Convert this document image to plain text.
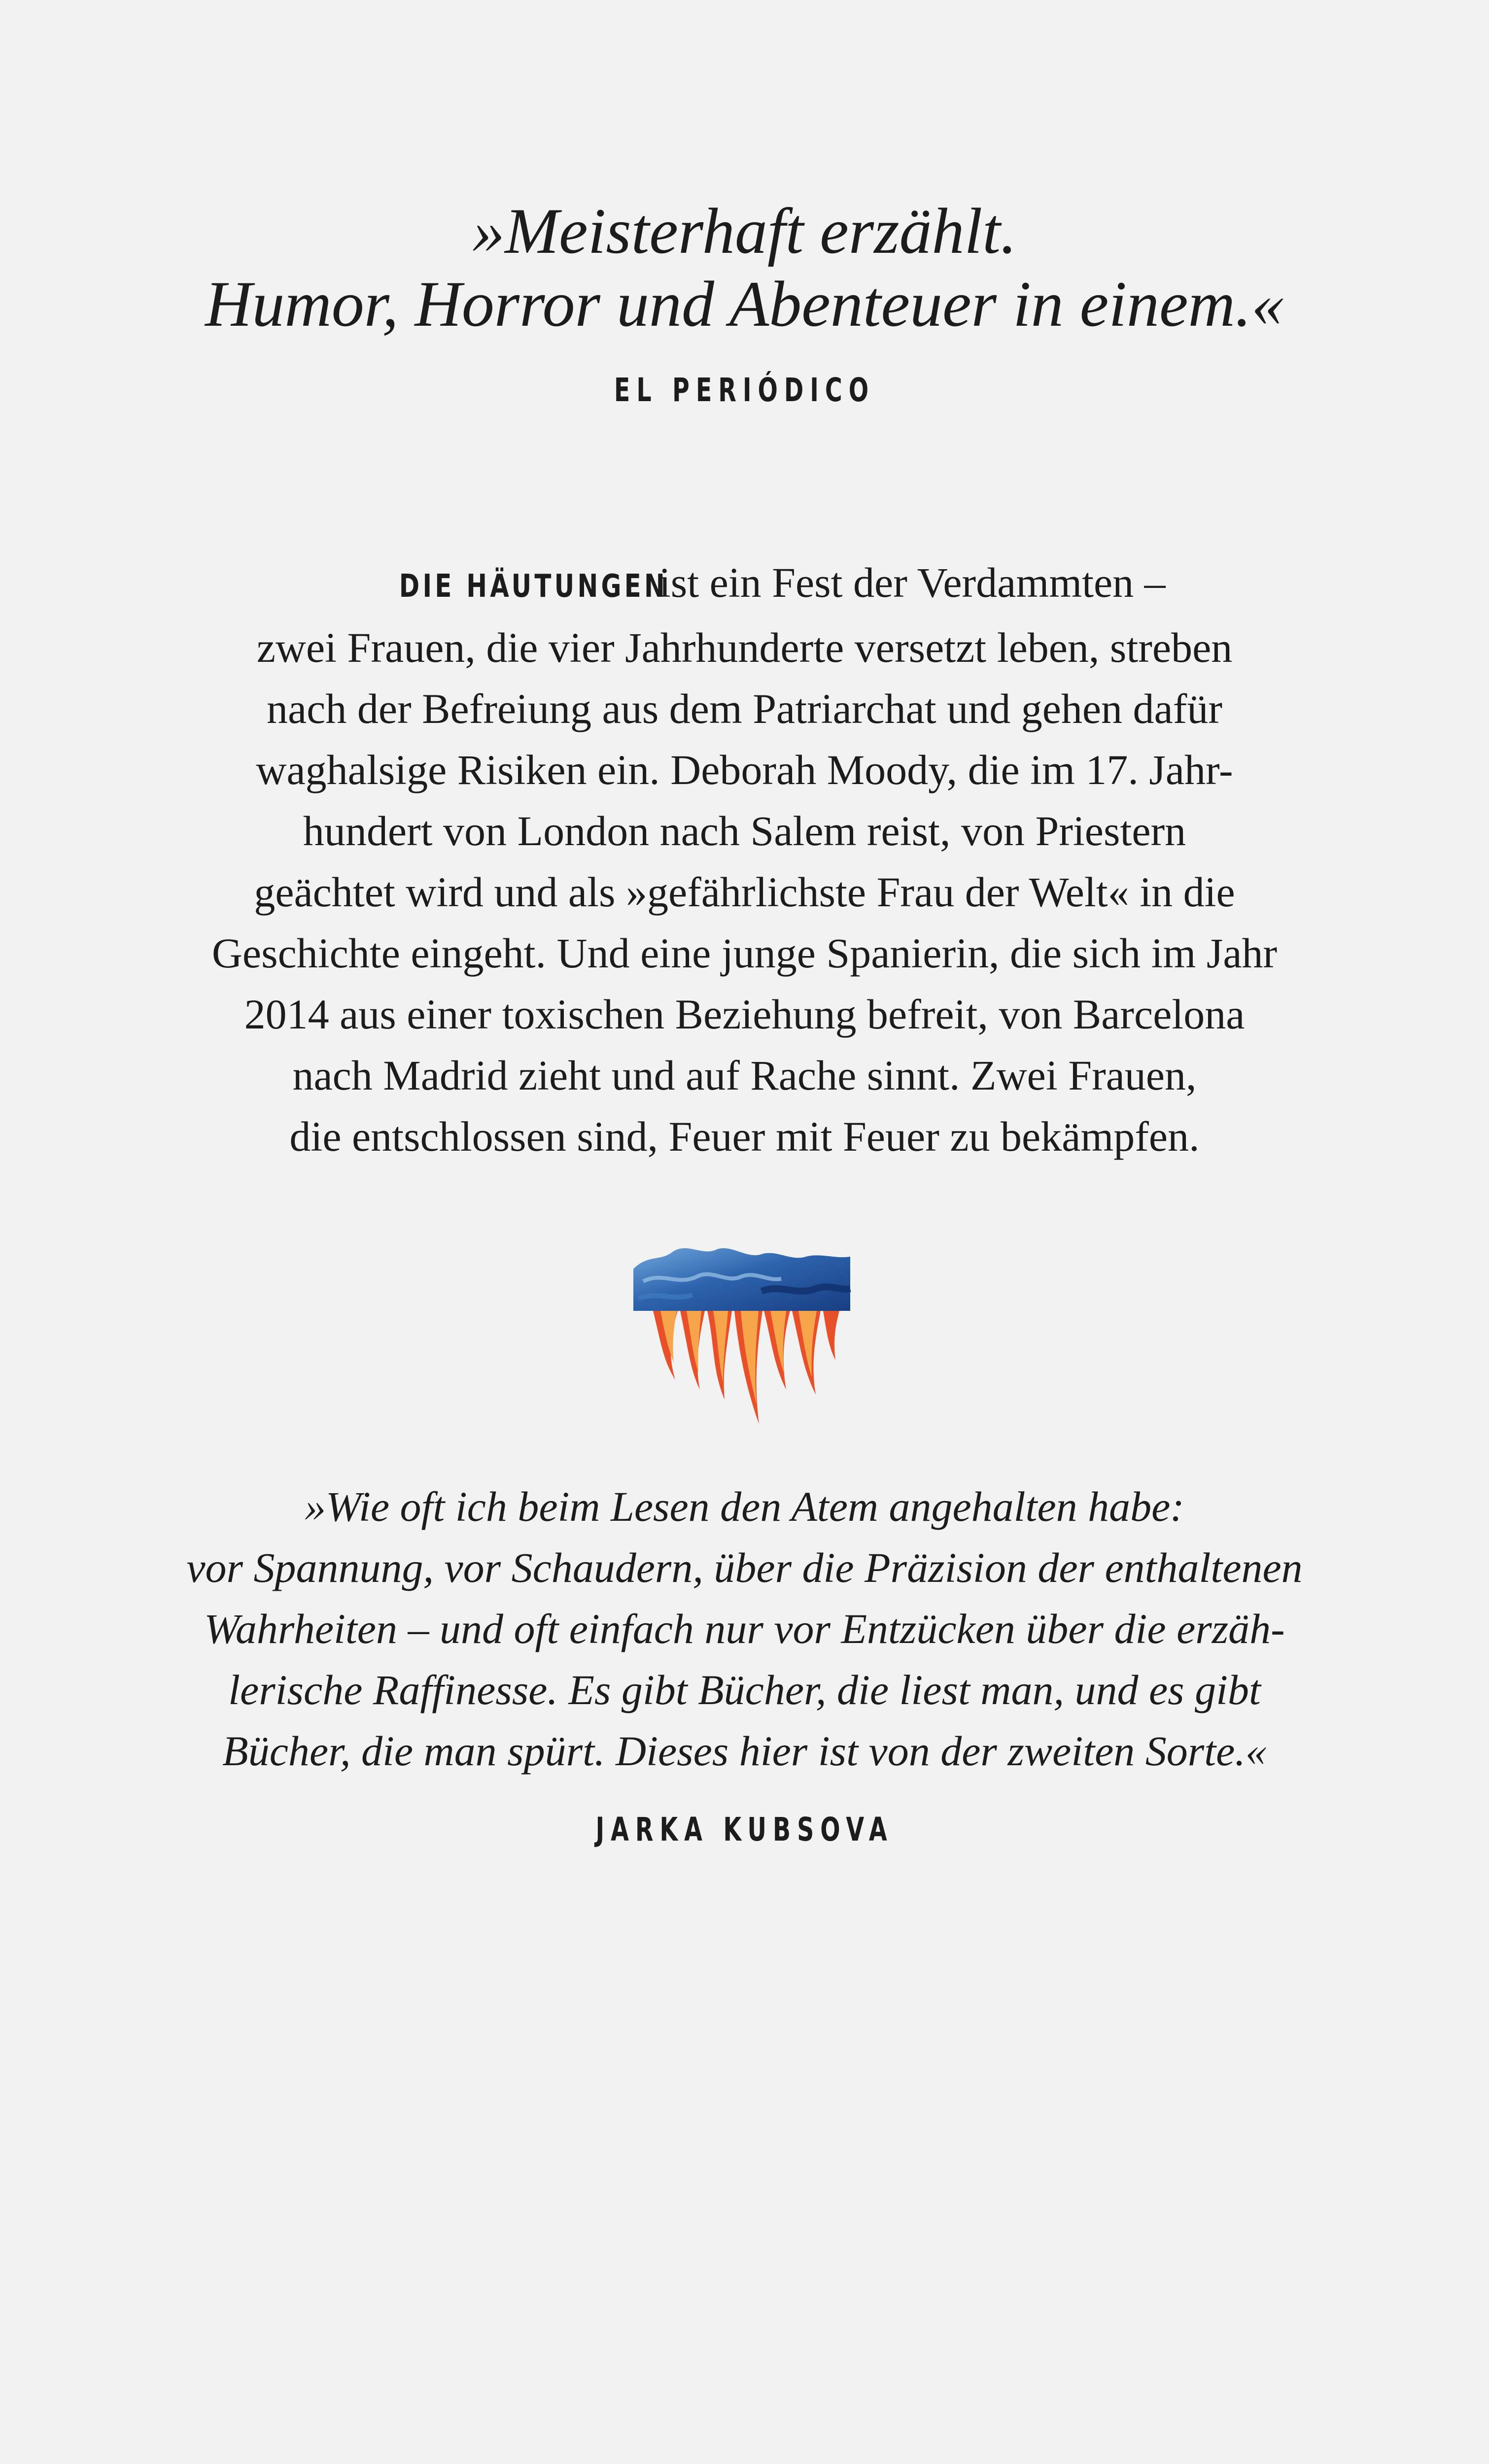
»Meisterhaft erzählt.
Humor, Horror und Abenteuer in einem.«

EL PERIÓDICO

DIE HÄUTUNGEN ist ein Fest der Verdammten –
zwei Frauen, die vier Jahrhunderte versetzt leben, streben
nach der Befreiung aus dem Patriarchat und gehen dafür
waghalsige Risiken ein. Deborah Moody, die im 17. Jahr-
hundert von London nach Salem reist, von Priestern
geächtet wird und als »gefährlichste Frau der Welt« in die
Geschichte eingeht. Und eine junge Spanierin, die sich im Jahr
2014 aus einer toxischen Beziehung befreit, von Barcelona
nach Madrid zieht und auf Rache sinnt. Zwei Frauen,
die entschlossen sind, Feuer mit Feuer zu bekämpfen.

»Wie oft ich beim Lesen den Atem angehalten habe:
vor Spannung, vor Schaudern, über die Präzision der enthaltenen
Wahrheiten – und oft einfach nur vor Entzücken über die erzäh-
lerische Raffinesse. Es gibt Bücher, die liest man, und es gibt
Bücher, die man spürt. Dieses hier ist von der zweiten Sorte.«

JARKA KUBSOVA
